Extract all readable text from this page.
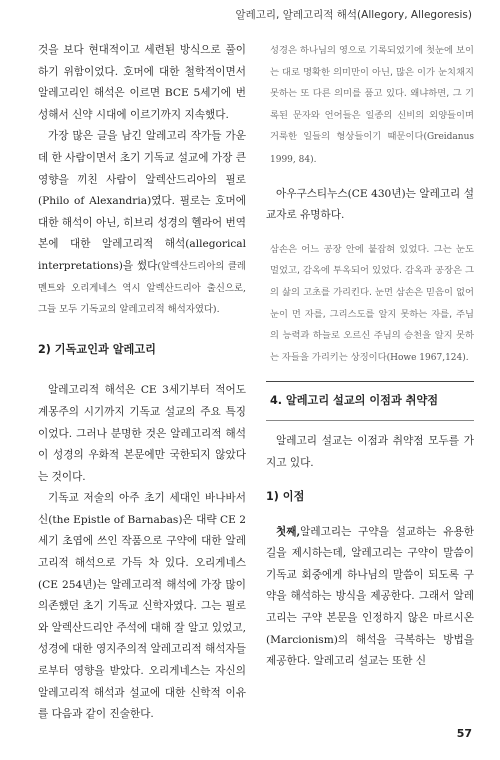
알레고리, 알레고리적 해석(Allegory, Allegoresis)

것을 보다 현대적이고 세련된 방식으로 풀이하기 위함이었다. 호머에 대한 철학적이면서 알레고리인 해석은 이르면 BCE 5세기에 번성해서 신약 시대에 이르기까지 지속했다.

가장 많은 글을 남긴 알레고리 작가들 가운데 한 사람이면서 초기 기독교 설교에 가장 큰 영향을 끼친 사람이 알렉산드리아의 필로(Philo of Alexandria)였다. 필로는 호머에 대한 해석이 아닌, 히브리 성경의 헬라어 번역본에 대한 알레고리적 해석(allegorical interpretations)을 썼다(알렉산드리아의 클레멘트와 오리게네스 역시 알렉산드리아 출신으로, 그들 모두 기독교의 알레고리적 해석자였다).

2) 기독교인과 알레고리

알레고리적 해석은 CE 3세기부터 적어도 계몽주의 시기까지 기독교 설교의 주요 특징이었다. 그러나 분명한 것은 알레고리적 해석이 성경의 우화적 본문에만 국한되지 않았다는 것이다.

기독교 저술의 아주 초기 세대인 바나바서신(the Epistle of Barnabas)은 대략 CE 2세기 초엽에 쓰인 작품으로 구약에 대한 알레고리적 해석으로 가득 차 있다. 오리게네스(CE 254년)는 알레고리적 해석에 가장 많이 의존했던 초기 기독교 신학자였다. 그는 필로와 알렉산드리안 주석에 대해 잘 알고 있었고, 성경에 대한 영지주의적 알레고리적 해석자들로부터 영향을 받았다. 오리게네스는 자신의 알레고리적 해석과 설교에 대한 신학적 이유를 다음과 같이 진술한다.

성경은 하나님의 영으로 기록되었기에 첫눈에 보이는 대로 명확한 의미만이 아닌, 많은 이가 눈치채지 못하는 또 다른 의미를 품고 있다. 왜냐하면, 그 기록된 문자와 언어들은 일종의 신비의 외양들이며 거룩한 일들의 형상들이기 때문이다(Greidanus 1999, 84).

아우구스티누스(CE 430년)는 알레고리 설교자로 유명하다.

삼손은 어느 공장 안에 붙잡혀 있었다. 그는 눈도 멀었고, 감옥에 투옥되어 있었다. 감옥과 공장은 그의 삶의 고초를 가리킨다. 눈먼 삼손은 믿음이 없어 눈이 먼 자를, 그리스도를 알지 못하는 자를, 주님의 능력과 하늘로 오르신 주님의 승천을 알지 못하는 자들을 가리키는 상징이다(Howe 1967,124).

4. 알레고리 설교의 이점과 취약점

알레고리 설교는 이점과 취약점 모두를 가지고 있다.

1) 이점

첫째,알레고리는 구약을 설교하는 유용한 길을 제시하는데, 알레고리는 구약이 말씀이 기독교 회중에게 하나님의 말씀이 되도록 구약을 해석하는 방식을 제공한다. 그래서 알레고리는 구약 본문을 인정하지 않은 마르시온(Marcionism)의 해석을 극복하는 방법을 제공한다. 알레고리 설교는 또한 신

57
